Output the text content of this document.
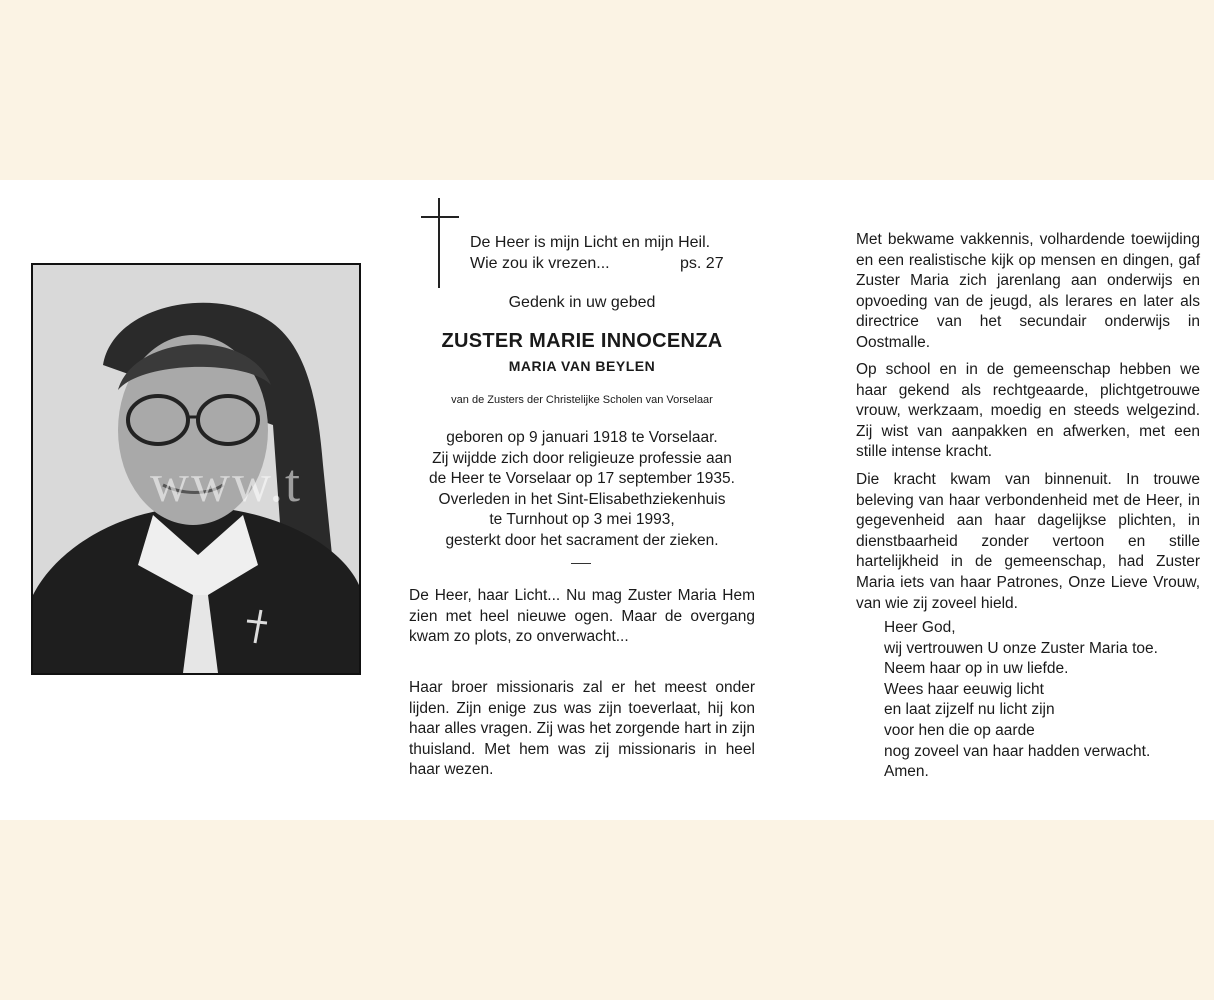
www.t
De Heer is mijn Licht en mijn Heil.
Wie zou ik vrezen...	ps. 27
Gedenk in uw gebed
ZUSTER MARIE INNOCENZA
MARIA VAN BEYLEN
van de Zusters der Christelijke Scholen van Vorselaar
geboren op 9 januari 1918 te Vorselaar.
Zij wijdde zich door religieuze professie aan
de Heer te Vorselaar op 17 september 1935.
Overleden in het Sint-Elisabethziekenhuis
te Turnhout op 3 mei 1993,
gesterkt door het sacrament der zieken.
De Heer, haar Licht... Nu mag Zuster Maria Hem zien met heel nieuwe ogen. Maar de overgang kwam zo plots, zo onverwacht...
Haar broer missionaris zal er het meest onder lijden. Zijn enige zus was zijn toeverlaat, hij kon haar alles vragen. Zij was het zorgende hart in zijn thuisland. Met hem was zij missionaris in heel haar wezen.
Met bekwame vakkennis, volhardende toewijding en een realistische kijk op mensen en dingen, gaf Zuster Maria zich jarenlang aan onderwijs en opvoeding van de jeugd, als lerares en later als directrice van het secundair onderwijs in Oostmalle.
Op school en in de gemeenschap hebben we haar gekend als rechtgeaarde, plichtgetrouwe vrouw, werkzaam, moedig en steeds welgezind. Zij wist van aanpakken en afwerken, met een stille intense kracht.
Die kracht kwam van binnenuit. In trouwe beleving van haar verbondenheid met de Heer, in gegevenheid aan haar dagelijkse plichten, in dienstbaarheid zonder vertoon en stille hartelijkheid in de gemeenschap, had Zuster Maria iets van haar Patrones, Onze Lieve Vrouw, van wie zij zoveel hield.
Heer God,
wij vertrouwen U onze Zuster Maria toe.
Neem haar op in uw liefde.
Wees haar eeuwig licht
en laat zijzelf nu licht zijn
voor hen die op aarde
nog zoveel van haar hadden verwacht.
Amen.
